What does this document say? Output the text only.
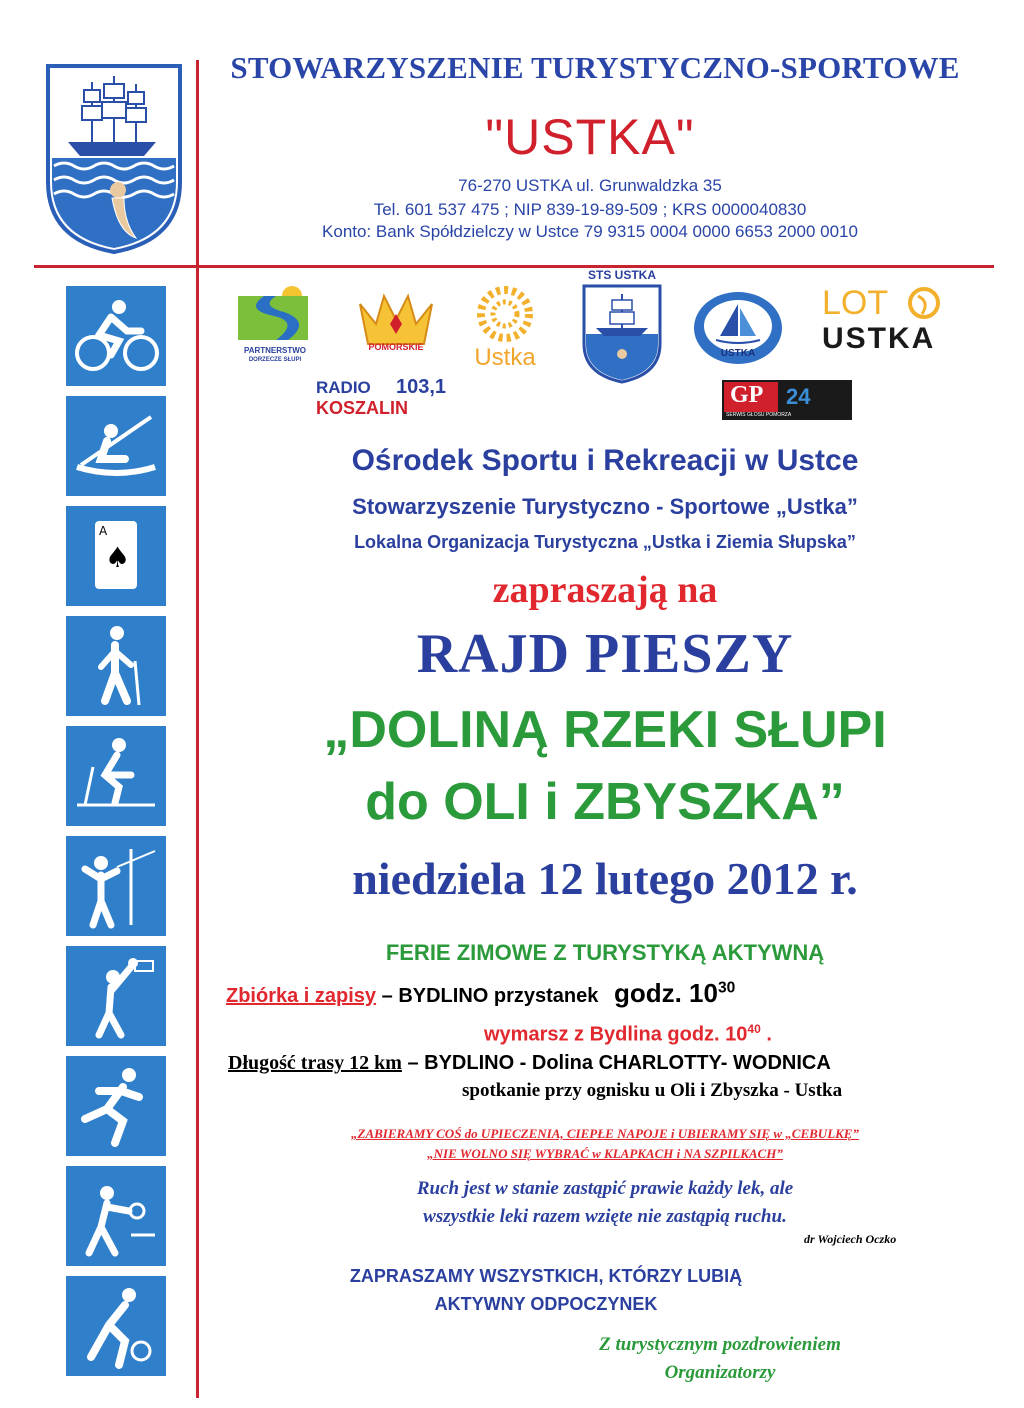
STOWARZYSZENIE TURYSTYCZNO-SPORTOWE
"USTKA"
76-270 USTKA ul. Grunwaldzka 35
Tel. 601 537 475 ; NIP 839-19-89-509 ; KRS 0000040830
Konto: Bank Spółdzielczy w Ustce 79 9315 0004 0000 6653 2000 0010
PARTNERSTWO
DORZECZE SŁUPI
POMORSKIE	Ustka
STS USTKA
USTKA
LOT
USTKA
RADIO 103,1
KOSZALIN	GP 24
SERWIS GŁOSU POMORZA
A
♠
Ośrodek Sportu i Rekreacji w Ustce
Stowarzyszenie Turystyczno - Sportowe „Ustka”
Lokalna Organizacja Turystyczna „Ustka i Ziemia Słupska”
zapraszają na
RAJD PIESZY
„DOLINĄ RZEKI SŁUPI
do OLI i ZBYSZKA”
niedziela 12 lutego 2012 r.
FERIE ZIMOWE Z TURYSTYKĄ AKTYWNĄ
Zbiórka i zapisy – BYDLINO przystanek godz. $10^{30}$
wymarsz z Bydlina godz. $10^{40}$ .
Długość trasy 12 km – BYDLINO - Dolina CHARLOTTY- WODNICA
spotkanie przy ognisku u Oli i Zbyszka - Ustka
„ZABIERAMY COŚ do UPIECZENIA, CIEPŁE NAPOJE i UBIERAMY SIĘ w „CEBULKĘ”
„NIE WOLNO SIĘ WYBRAĆ w KLAPKACH i NA SZPILKACH”
Ruch jest w stanie zastąpić prawie każdy lek, ale
wszystkie leki razem wzięte nie zastąpią ruchu.
dr Wojciech Oczko
ZAPRASZAMY WSZYSTKICH, KTÓRZY LUBIĄ
AKTYWNY ODPOCZYNEK
Z turystycznym pozdrowieniem
Organizatorzy
